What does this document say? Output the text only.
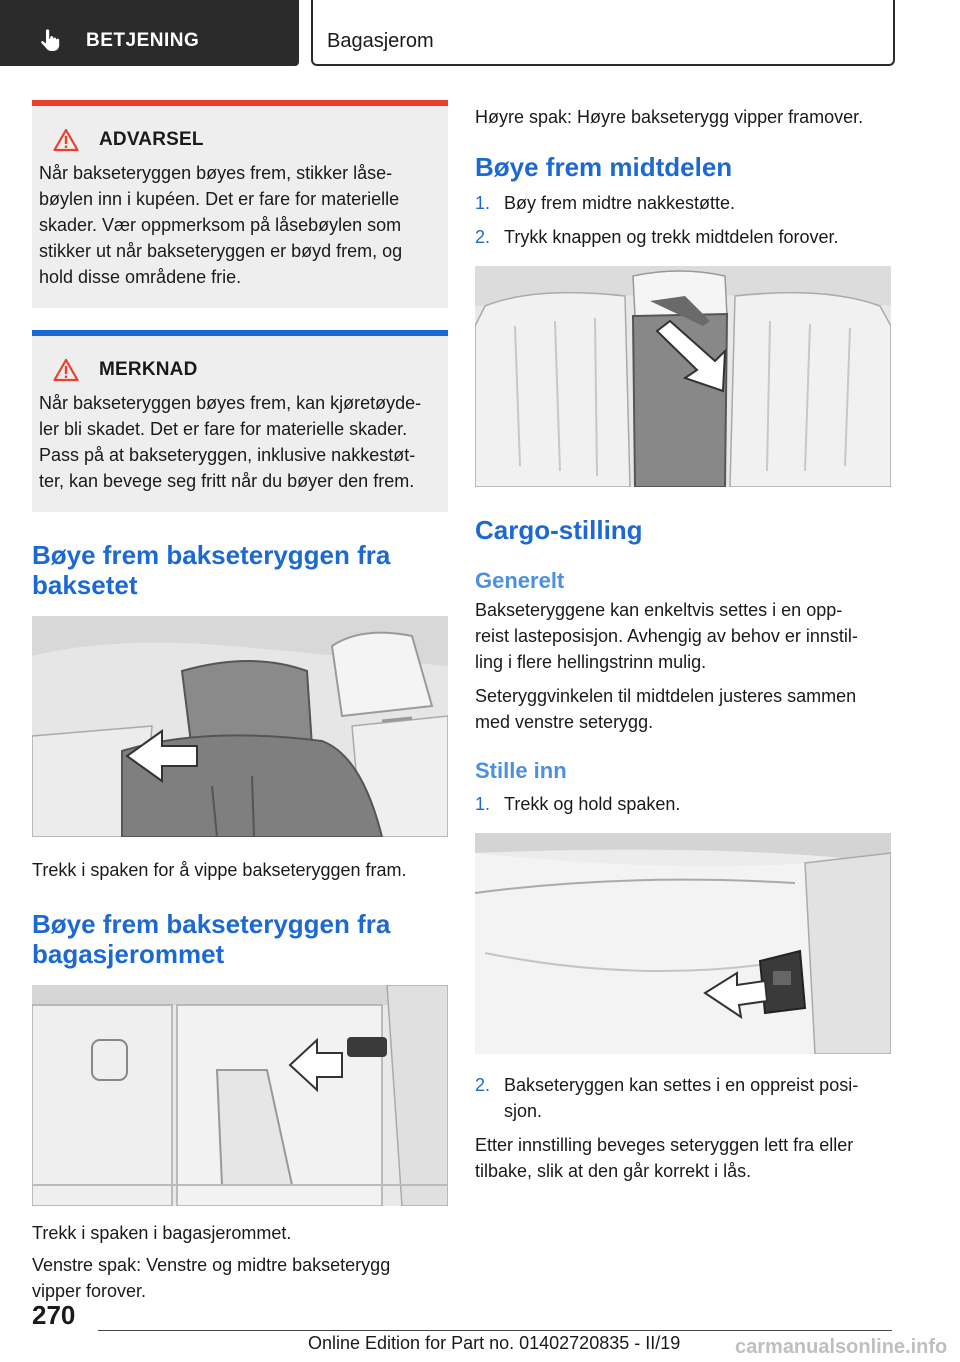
BETJENING	Bagasjerom
ADVARSEL

Når bakseteryggen bøyes frem, stikker låse-
bøylen inn i kupéen. Det er fare for materielle
skader. Vær oppmerksom på låsebøylen som
stikker ut når bakseteryggen er bøyd frem, og
hold disse områdene frie.

MERKNAD

Når bakseteryggen bøyes frem, kan kjøretøyde-
ler bli skadet. Det er fare for materielle skader.
Pass på at bakseteryggen, inklusive nakkestøt-
ter, kan bevege seg fritt når du bøyer den frem.

Bøye frem bakseteryggen fra
baksetet

Trekk i spaken for å vippe bakseteryggen fram.

Bøye frem bakseteryggen fra
bagasjerommet

Trekk i spaken i bagasjerommet.

Venstre spak: Venstre og midtre bakseterygg
vipper forover.

Høyre spak: Høyre bakseterygg vipper framover.

Bøye frem midtdelen
1. Bøy frem midtre nakkestøtte.
2. Trykk knappen og trekk midtdelen forover.
Cargo-stilling
Generelt

Bakseteryggene kan enkeltvis settes i en opp-
reist lasteposisjon. Avhengig av behov er innstil-
ling i flere hellingstrinn mulig.

Seteryggvinkelen til midtdelen justeres sammen
med venstre seterygg.

Stille inn
1. Trekk og hold spaken.
2. Bakseteryggen kan settes i en oppreist posi-
sjon.

Etter innstilling beveges seteryggen lett fra eller
tilbake, slik at den går korrekt i lås.

270
Online Edition for Part no. 01402720835 - II/19	carmanualsonline.info
